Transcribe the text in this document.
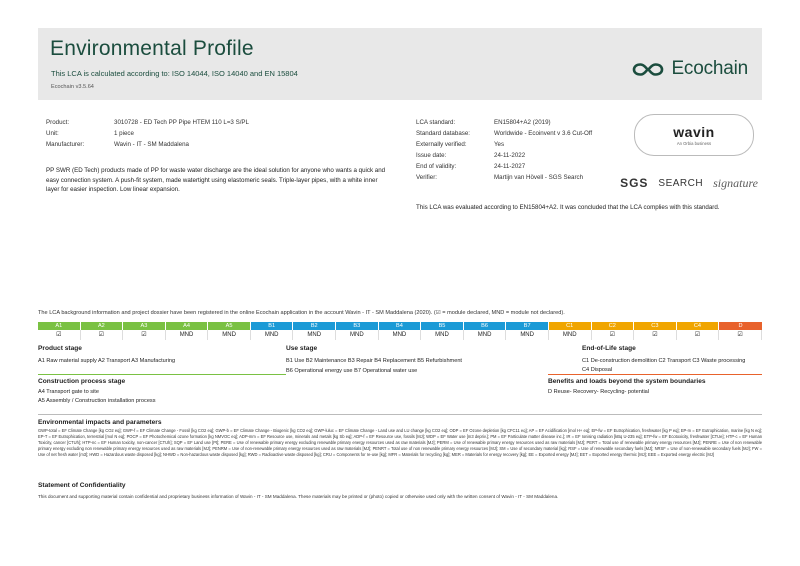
Environmental Profile
This LCA is calculated according to: ISO 14044, ISO 14040 and EN 15804
Ecochain v3.5.64
Ecochain
Product:	3010728 - ED Tech PP Pipe HTEM 110 L=3 S/PL
Unit:	1 piece
Manufacturer:	Wavin - IT - SM Maddalena
PP SWR (ED Tech) products made of PP for waste water discharge are the ideal solution for anyone who wants a quick and easy connection system. A push-fit system, made watertight using elastomeric seals. Triple-layer pipes, with a white inner layer for easier inspection. Low linear expansion.
LCA standard:	EN15804+A2 (2019)
Standard database:	Worldwide - Ecoinvent v 3.6 Cut-Off
Externally verified:	Yes
Issue date:	24-11-2022
End of validity:	24-11-2027
Verifier:	Martijn van Hövell - SGS Search
wavin
An Orbia business
SGS SEARCH signature
This LCA was evaluated according to EN15804+A2. It was concluded that the LCA complies with this standard.
The LCA background information and project dossier have been registered in the online Ecochain application in the account Wavin - IT - SM Maddalena (2020). (☑ = module declared, MND = module not declared).
A1	A2	A3	A4	A5	B1	B2	B3	B4	B5	B6	B7	C1	C2	C3	C4	D
☑	☑	☑	MND	MND	MND	MND	MND	MND	MND	MND	MND	MND	☑	☑	☑	☑
Product stage	Use stage	End-of-Life stage
A1 Raw material supply A2 Transport A3 Manufacturing	B1 Use B2 Maintenance B3 Repair B4 Replacement B5 Refurbishment
B6 Operational energy use B7 Operational water use
C1 De-construction demolition C2 Transport C3 Waste processing
C4 Disposal
Construction process stage
A4 Transport gate to site
A5 Assembly / Construction installation process
Benefits and loads beyond the system boundaries
D Reuse- Recovery- Recycling- potential
Environmental impacts and parameters
GWP-total = EF Climate Change [kg CO2 eq]; GWP-f = EF Climate Change - Fossil [kg CO2 eq]; GWP-b = EF Climate Change - Biogenic [kg CO2 eq]; GWP-luluc = EF Climate Change - Land use and LU change [kg CO2 eq]; ODP = EF Ozone depletion [kg CFC11 eq]; AP = EF Acidification [mol H+ eq]; EP-fw = EF Eutrophication, freshwater [kg P eq]; EP-m = EF Eutrophication, marine [kg N eq]; EP-T = EF Eutrophication, terrestrial [mol N eq]; POCP = EF Photochemical ozone formation [kg NMVOC eq]; ADP-mm = EF Resource use, minerals and metals [kg Sb eq]; ADP-f = EF Resource use, fossils [MJ]; WDP = EF Water use [m3 depriv.]; PM = EF Particulate matter disease inc.]; IR = EF Ionising radiation [kBq U-235 eq]; ETP-fw = EF Ecotoxicity, freshwater [CTUe]; HTP-c = EF Human Toxicity, cancer [CTUh]; HTP-nc = EF Human toxicity, non-cancer [CTUh]; SQP = EF Land use [Pt]; PERE = Use of renewable primary energy excluding renewable primary energy resources used as raw materials [MJ]; PERM = Use of renewable primary energy resources used as raw materials [MJ]; PERT = Total use of renewable primary energy resources [MJ]; PENRE = Use of non renewable primary energy excluding non renewable primary energy resources used as raw materials [MJ]; PENRM = Use of non-renewable primary energy resources used as raw materials [MJ]; PENRT = Total use of non renewable primary energy resources [MJ]; SM = Use of secondary material [kg]; RSF = Use of renewable secondary fuels [MJ]; NRSF = Use of non-renewable secondary fuels [MJ]; FW = Use of net fresh water [m3]; HWD = Hazardous waste disposed [kg]; NHWD = Non-hazardous waste disposed [kg]; RWD = Radioactive waste disposed [kg]; CRU = Components for re-use [kg]; MFR = Materials for recycling [kg]; MER = Materials for energy recovery [kg]; EE = Exported energy [MJ]; EET = Exported energy thermic [MJ]; EEE = Exported energy electric [MJ]
Statement of Confidentiality
This document and supporting material contain confidential and proprietary business information of Wavin - IT - SM Maddalena. These materials may be printed or (photo) copied or otherwise used only with the written consent of Wavin - IT - SM Maddalena.
